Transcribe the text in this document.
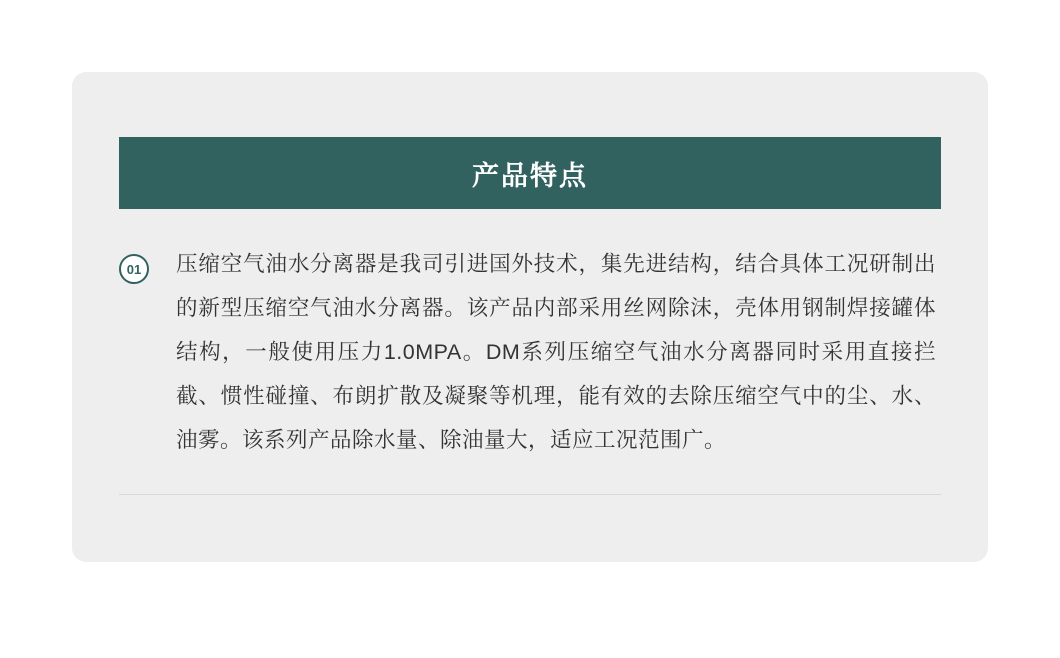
产品特点
01	压缩空气油水分离器是我司引进国外技术，集先进结构，结合具体工况研制出的新型压缩空气油水分离器。该产品内部采用丝网除沫，壳体用钢制焊接罐体结构，一般使用压力1.0MPA。DM系列压缩空气油水分离器同时采用直接拦截、惯性碰撞、布朗扩散及凝聚等机理，能有效的去除压缩空气中的尘、水、油雾。该系列产品除水量、除油量大，适应工况范围广。
